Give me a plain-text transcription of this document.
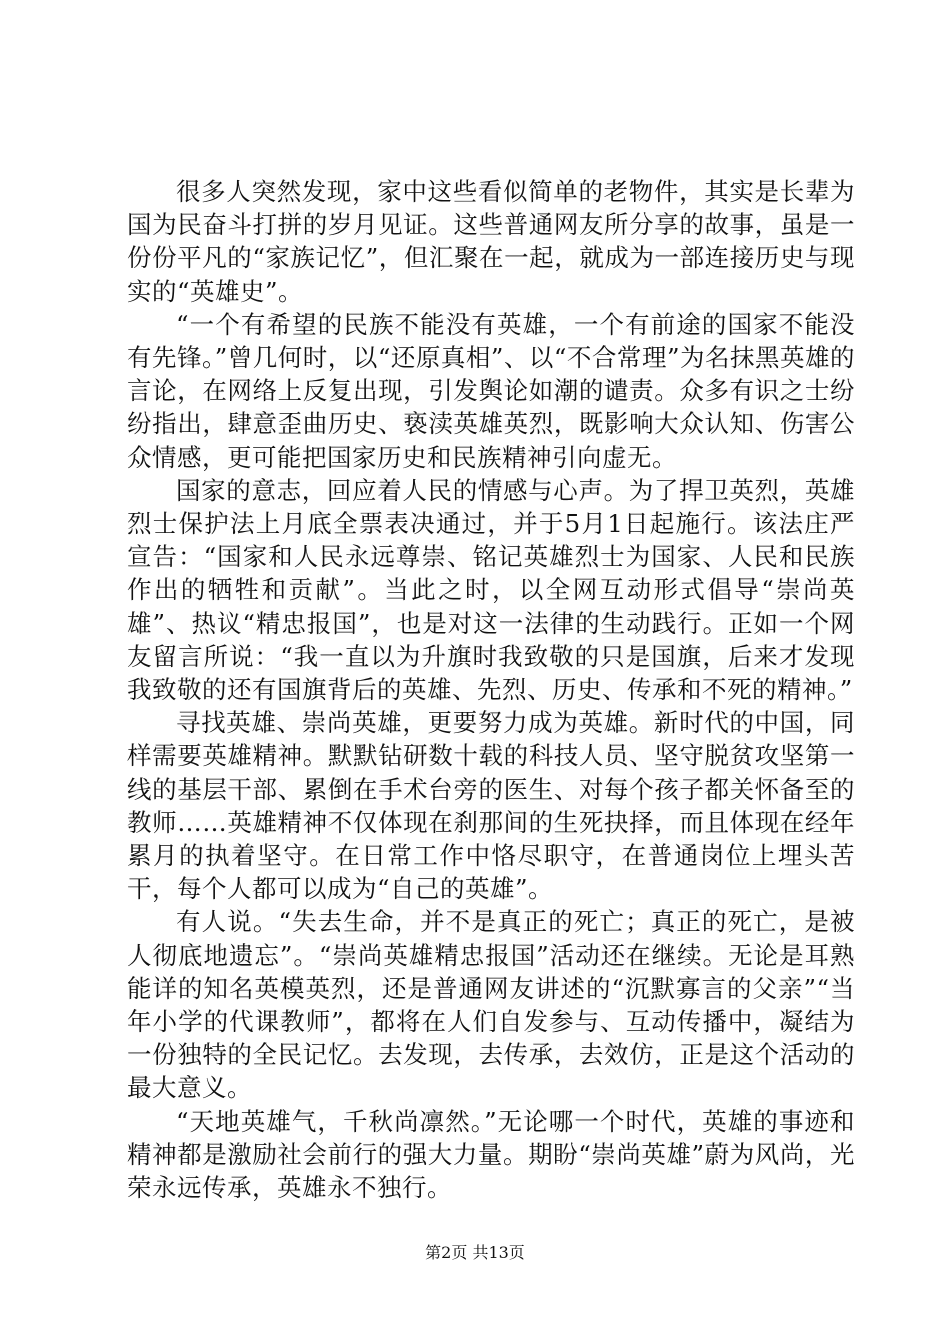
很多人突然发现，家中这些看似简单的老物件，其实是长辈为国为民奋斗打拼的岁月见证。这些普通网友所分享的故事，虽是一份份平凡的“家族记忆”，但汇聚在一起，就成为一部连接历史与现实的“英雄史”。

“一个有希望的民族不能没有英雄，一个有前途的国家不能没有先锋。”曾几何时，以“还原真相”、以“不合常理”为名抹黑英雄的言论，在网络上反复出现，引发舆论如潮的谴责。众多有识之士纷纷指出，肆意歪曲历史、亵渎英雄英烈，既影响大众认知、伤害公众情感，更可能把国家历史和民族精神引向虚无。

国家的意志，回应着人民的情感与心声。为了捍卫英烈，英雄烈士保护法上月底全票表决通过，并于5月1日起施行。该法庄严宣告：“国家和人民永远尊崇、铭记英雄烈士为国家、人民和民族作出的牺牲和贡献”。当此之时，以全网互动形式倡导“崇尚英雄”、热议“精忠报国”，也是对这一法律的生动践行。正如一个网友留言所说：“我一直以为升旗时我致敬的只是国旗，后来才发现我致敬的还有国旗背后的英雄、先烈、历史、传承和不死的精神。”

寻找英雄、崇尚英雄，更要努力成为英雄。新时代的中国，同样需要英雄精神。默默钻研数十载的科技人员、坚守脱贫攻坚第一线的基层干部、累倒在手术台旁的医生、对每个孩子都关怀备至的教师……英雄精神不仅体现在刹那间的生死抉择，而且体现在经年累月的执着坚守。在日常工作中恪尽职守，在普通岗位上埋头苦干，每个人都可以成为“自己的英雄”。

有人说。“失去生命，并不是真正的死亡；真正的死亡，是被人彻底地遗忘”。“崇尚英雄精忠报国”活动还在继续。无论是耳熟能详的知名英模英烈，还是普通网友讲述的“沉默寡言的父亲”“当年小学的代课教师”，都将在人们自发参与、互动传播中，凝结为一份独特的全民记忆。去发现，去传承，去效仿，正是这个活动的最大意义。

“天地英雄气，千秋尚凛然。”无论哪一个时代，英雄的事迹和精神都是激励社会前行的强大力量。期盼“崇尚英雄”蔚为风尚，光荣永远传承，英雄永不独行。

第2页 共13页
